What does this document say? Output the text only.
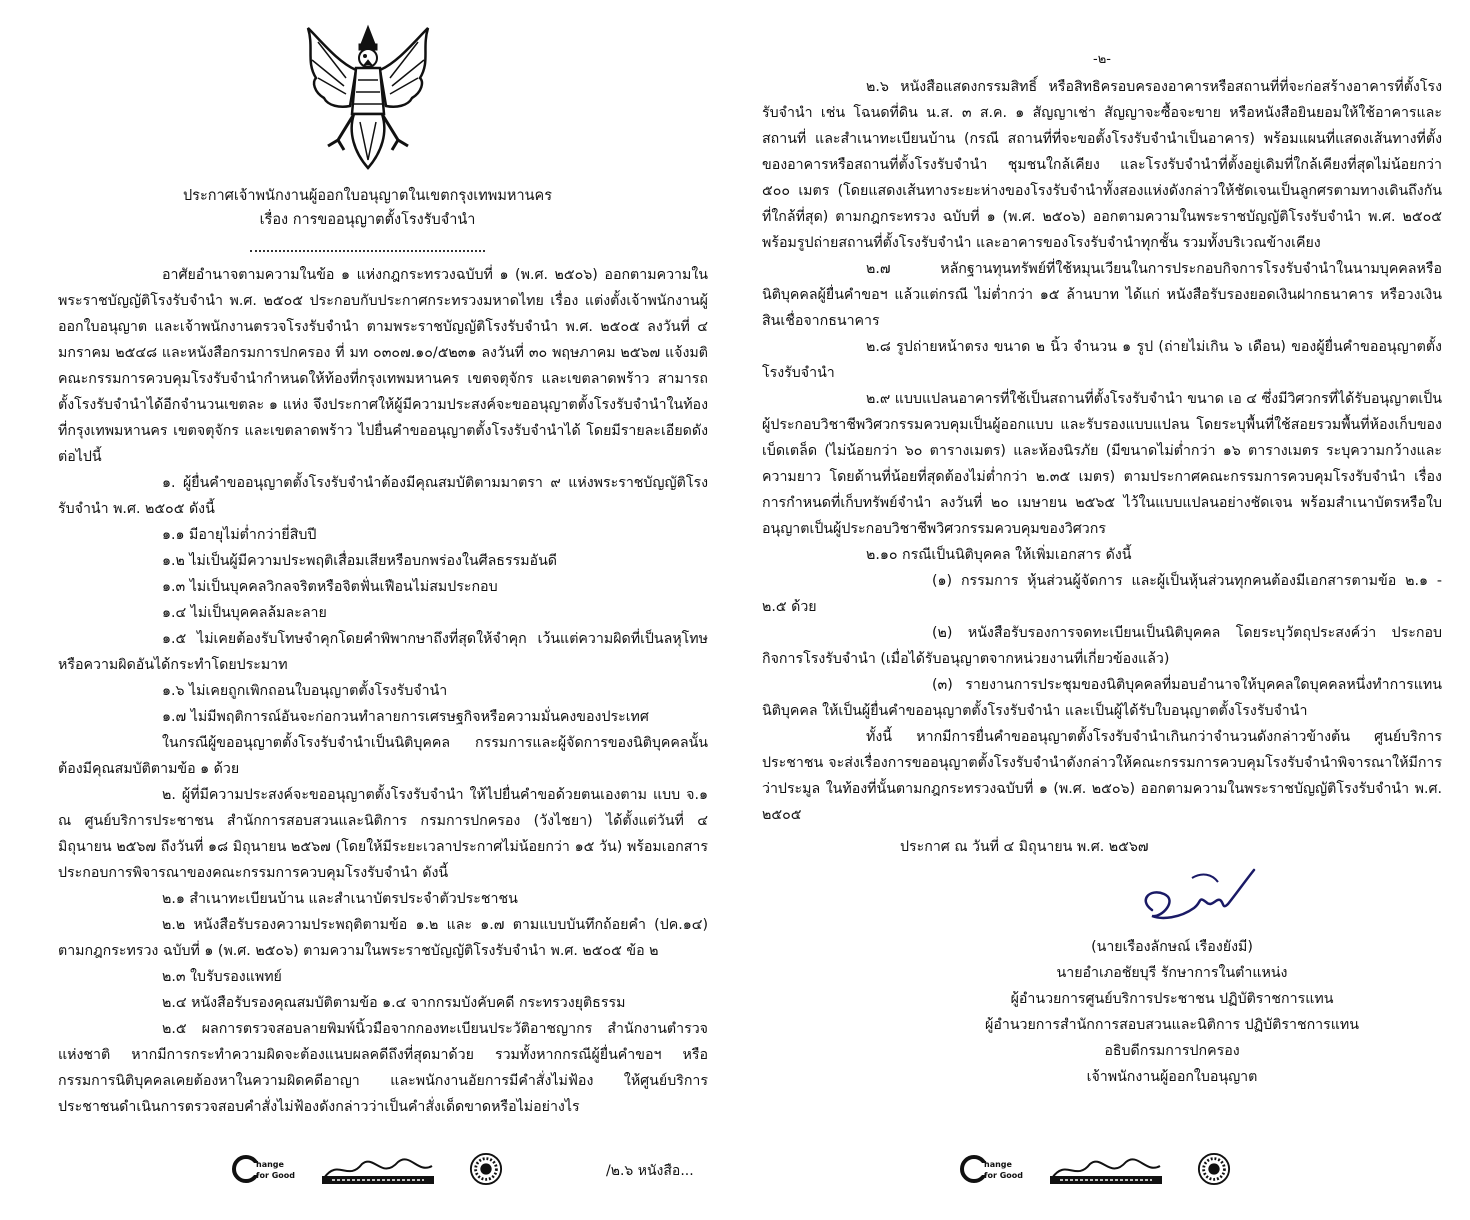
ประกาศเจ้าพนักงานผู้ออกใบอนุญาตในเขตกรุงเทพมหานคร
เรื่อง การขออนุญาตตั้งโรงรับจำนำ

อาศัยอำนาจตามความในข้อ ๑ แห่งกฎกระทรวงฉบับที่ ๑ (พ.ศ. ๒๕๐๖) ออกตามความในพระราชบัญญัติโรงรับจำนำ พ.ศ. ๒๕๐๕ ประกอบกับประกาศกระทรวงมหาดไทย เรื่อง แต่งตั้งเจ้าพนักงานผู้ออกใบอนุญาต และเจ้าพนักงานตรวจโรงรับจำนำ ตามพระราชบัญญัติโรงรับจำนำ พ.ศ. ๒๕๐๕ ลงวันที่ ๔ มกราคม ๒๕๔๘ และหนังสือกรมการปกครอง ที่ มท ๐๓๐๗.๑๐/๕๒๓๑ ลงวันที่ ๓๐ พฤษภาคม ๒๕๖๗ แจ้งมติคณะกรรมการควบคุมโรงรับจำนำกำหนดให้ท้องที่กรุงเทพมหานคร เขตจตุจักร และเขตลาดพร้าว สามารถตั้งโรงรับจำนำได้อีกจำนวนเขตละ ๑ แห่ง จึงประกาศให้ผู้มีความประสงค์จะขออนุญาตตั้งโรงรับจำนำในท้องที่กรุงเทพมหานคร เขตจตุจักร และเขตลาดพร้าว ไปยื่นคำขออนุญาตตั้งโรงรับจำนำได้ โดยมีรายละเอียดดังต่อไปนี้

๑. ผู้ยื่นคำขออนุญาตตั้งโรงรับจำนำต้องมีคุณสมบัติตามมาตรา ๙ แห่งพระราชบัญญัติโรงรับจำนำ พ.ศ. ๒๕๐๕ ดังนี้

๑.๑ มีอายุไม่ต่ำกว่ายี่สิบปี

๑.๒ ไม่เป็นผู้มีความประพฤติเสื่อมเสียหรือบกพร่องในศีลธรรมอันดี

๑.๓ ไม่เป็นบุคคลวิกลจริตหรือจิตฟั่นเฟือนไม่สมประกอบ

๑.๔ ไม่เป็นบุคคลล้มละลาย

๑.๕ ไม่เคยต้องรับโทษจำคุกโดยคำพิพากษาถึงที่สุดให้จำคุก เว้นแต่ความผิดที่เป็นลหุโทษหรือความผิดอันได้กระทำโดยประมาท

๑.๖ ไม่เคยถูกเพิกถอนใบอนุญาตตั้งโรงรับจำนำ

๑.๗ ไม่มีพฤติการณ์อันจะก่อกวนทำลายการเศรษฐกิจหรือความมั่นคงของประเทศ

ในกรณีผู้ขออนุญาตตั้งโรงรับจำนำเป็นนิติบุคคล กรรมการและผู้จัดการของนิติบุคคลนั้นต้องมีคุณสมบัติตามข้อ ๑ ด้วย

๒. ผู้ที่มีความประสงค์จะขออนุญาตตั้งโรงรับจำนำ ให้ไปยื่นคำขอด้วยตนเองตาม แบบ จ.๑ ณ ศูนย์บริการประชาชน สำนักการสอบสวนและนิติการ กรมการปกครอง (วังไชยา) ได้ตั้งแต่วันที่ ๔ มิถุนายน ๒๕๖๗ ถึงวันที่ ๑๘ มิถุนายน ๒๕๖๗ (โดยให้มีระยะเวลาประกาศไม่น้อยกว่า ๑๕ วัน) พร้อมเอกสารประกอบการพิจารณาของคณะกรรมการควบคุมโรงรับจำนำ ดังนี้

๒.๑ สำเนาทะเบียนบ้าน และสำเนาบัตรประจำตัวประชาชน

๒.๒ หนังสือรับรองความประพฤติตามข้อ ๑.๒ และ ๑.๗ ตามแบบบันทึกถ้อยคำ (ปค.๑๔) ตามกฎกระทรวง ฉบับที่ ๑ (พ.ศ. ๒๕๐๖) ตามความในพระราชบัญญัติโรงรับจำนำ พ.ศ. ๒๕๐๕ ข้อ ๒

๒.๓ ใบรับรองแพทย์

๒.๔ หนังสือรับรองคุณสมบัติตามข้อ ๑.๔ จากกรมบังคับคดี กระทรวงยุติธรรม

๒.๕ ผลการตรวจสอบลายพิมพ์นิ้วมือจากกองทะเบียนประวัติอาชญากร สำนักงานตำรวจแห่งชาติ หากมีการกระทำความผิดจะต้องแนบผลคดีถึงที่สุดมาด้วย รวมทั้งหากกรณีผู้ยื่นคำขอฯ หรือกรรมการนิติบุคคลเคยต้องหาในความผิดคดีอาญา และพนักงานอัยการมีคำสั่งไม่ฟ้อง ให้ศูนย์บริการประชาชนดำเนินการตรวจสอบคำสั่งไม่ฟ้องดังกล่าวว่าเป็นคำสั่งเด็ดขาดหรือไม่อย่างไร

hange
for Good	/๒.๖ หนังสือ...
-๒-

๒.๖ หนังสือแสดงกรรมสิทธิ์ หรือสิทธิครอบครองอาคารหรือสถานที่ที่จะก่อสร้างอาคารที่ตั้งโรงรับจำนำ เช่น โฉนดที่ดิน น.ส. ๓ ส.ค. ๑ สัญญาเช่า สัญญาจะซื้อจะขาย หรือหนังสือยินยอมให้ใช้อาคารและสถานที่ และสำเนาทะเบียนบ้าน (กรณี สถานที่ที่จะขอตั้งโรงรับจำนำเป็นอาคาร) พร้อมแผนที่แสดงเส้นทางที่ตั้งของอาคารหรือสถานที่ตั้งโรงรับจำนำ ชุมชนใกล้เคียง และโรงรับจำนำที่ตั้งอยู่เดิมที่ใกล้เคียงที่สุดไม่น้อยกว่า ๕๐๐ เมตร (โดยแสดงเส้นทางระยะห่างของโรงรับจำนำทั้งสองแห่งดังกล่าวให้ชัดเจนเป็นลูกศรตามทางเดินถึงกันที่ใกล้ที่สุด) ตามกฎกระทรวง ฉบับที่ ๑ (พ.ศ. ๒๕๐๖) ออกตามความในพระราชบัญญัติโรงรับจำนำ พ.ศ. ๒๕๐๕ พร้อมรูปถ่ายสถานที่ตั้งโรงรับจำนำ และอาคารของโรงรับจำนำทุกชั้น รวมทั้งบริเวณข้างเคียง

๒.๗ หลักฐานทุนทรัพย์ที่ใช้หมุนเวียนในการประกอบกิจการโรงรับจำนำในนามบุคคลหรือนิติบุคคลผู้ยื่นคำขอฯ แล้วแต่กรณี ไม่ต่ำกว่า ๑๕ ล้านบาท ได้แก่ หนังสือรับรองยอดเงินฝากธนาคาร หรือวงเงินสินเชื่อจากธนาคาร

๒.๘ รูปถ่ายหน้าตรง ขนาด ๒ นิ้ว จำนวน ๑ รูป (ถ่ายไม่เกิน ๖ เดือน) ของผู้ยื่นคำขออนุญาตตั้งโรงรับจำนำ

๒.๙ แบบแปลนอาคารที่ใช้เป็นสถานที่ตั้งโรงรับจำนำ ขนาด เอ ๔ ซึ่งมีวิศวกรที่ได้รับอนุญาตเป็นผู้ประกอบวิชาชีพวิศวกรรมควบคุมเป็นผู้ออกแบบ และรับรองแบบแปลน โดยระบุพื้นที่ใช้สอยรวมพื้นที่ห้องเก็บของเบ็ดเตล็ด (ไม่น้อยกว่า ๖๐ ตารางเมตร) และห้องนิรภัย (มีขนาดไม่ต่ำกว่า ๑๖ ตารางเมตร ระบุความกว้างและความยาว โดยด้านที่น้อยที่สุดต้องไม่ต่ำกว่า ๒.๓๕ เมตร) ตามประกาศคณะกรรมการควบคุมโรงรับจำนำ เรื่อง การกำหนดที่เก็บทรัพย์จำนำ ลงวันที่ ๒๐ เมษายน ๒๕๖๕ ไว้ในแบบแปลนอย่างชัดเจน พร้อมสำเนาบัตรหรือใบอนุญาตเป็นผู้ประกอบวิชาชีพวิศวกรรมควบคุมของวิศวกร

๒.๑๐ กรณีเป็นนิติบุคคล ให้เพิ่มเอกสาร ดังนี้

(๑) กรรมการ หุ้นส่วนผู้จัดการ และผู้เป็นหุ้นส่วนทุกคนต้องมีเอกสารตามข้อ ๒.๑ - ๒.๕ ด้วย

(๒) หนังสือรับรองการจดทะเบียนเป็นนิติบุคคล โดยระบุวัตถุประสงค์ว่า ประกอบกิจการโรงรับจำนำ (เมื่อได้รับอนุญาตจากหน่วยงานที่เกี่ยวข้องแล้ว)

(๓) รายงานการประชุมของนิติบุคคลที่มอบอำนาจให้บุคคลใดบุคคลหนึ่งทำการแทนนิติบุคคล ให้เป็นผู้ยื่นคำขออนุญาตตั้งโรงรับจำนำ และเป็นผู้ได้รับใบอนุญาตตั้งโรงรับจำนำ

ทั้งนี้ หากมีการยื่นคำขออนุญาตตั้งโรงรับจำนำเกินกว่าจำนวนดังกล่าวข้างต้น ศูนย์บริการประชาชน จะส่งเรื่องการขออนุญาตตั้งโรงรับจำนำดังกล่าวให้คณะกรรมการควบคุมโรงรับจำนำพิจารณาให้มีการว่าประมูล ในท้องที่นั้นตามกฎกระทรวงฉบับที่ ๑ (พ.ศ. ๒๕๐๖) ออกตามความในพระราชบัญญัติโรงรับจำนำ พ.ศ. ๒๕๐๕

ประกาศ ณ วันที่ ๔ มิถุนายน พ.ศ. ๒๕๖๗

(นายเรืองลักษณ์ เรืองยังมี)

นายอำเภอชัยบุรี รักษาการในตำแหน่ง

ผู้อำนวยการศูนย์บริการประชาชน ปฏิบัติราชการแทน

ผู้อำนวยการสำนักการสอบสวนและนิติการ ปฏิบัติราชการแทน

อธิบดีกรมการปกครอง

เจ้าพนักงานผู้ออกใบอนุญาต

hange
for Good
